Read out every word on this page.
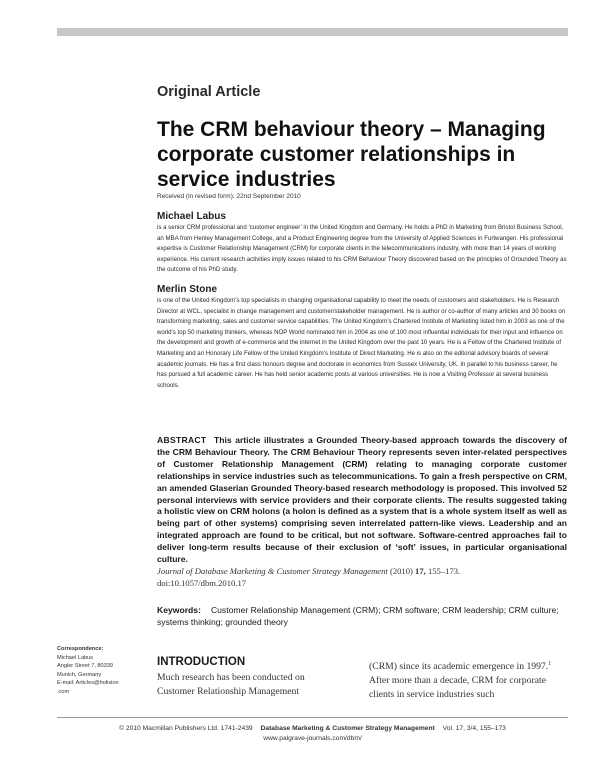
Original Article
The CRM behaviour theory – Managing corporate customer relationships in service industries
Received (in revised form): 22nd September 2010
Michael Labus

is a senior CRM professional and ‘customer engineer’ in the United Kingdom and Germany. He holds a PhD in Marketing from Bristol Business School, an MBA from Henley Management College, and a Product Engineering degree from the University of Applied Sciences in Furtwangen. His professional expertise is Customer Relationship Management (CRM) for corporate clients in the telecommunications industry, with more than 14 years of working experience. His current research activities imply issues related to his CRM Behaviour Theory discovered based on the principles of Grounded Theory as the outcome of his PhD study.

Merlin Stone

is one of the United Kingdom’s top specialists in changing organisational capability to meet the needs of customers and stakeholders. He is Research Director at WCL, specialist in change management and customer/stakeholder management. He is author or co-author of many articles and 30 books on transforming marketing, sales and customer service capabilities. The United Kingdom’s Chartered Institute of Marketing listed him in 2003 as one of the world’s top 50 marketing thinkers, whereas NOP World nominated him in 2004 as one of 100 most influential individuals for their input and influence on the development and growth of e-commerce and the internet in the United Kingdom over the past 10 years. He is a Fellow of the Chartered Institute of Marketing and an Honorary Life Fellow of the United Kingdom’s Institute of Direct Marketing. He is also on the editorial advisory boards of several academic journals. He has a first class honours degree and doctorate in economics from Sussex University, UK. In parallel to his business career, he has pursued a full academic career. He has held senior academic posts at various universities. He is now a Visiting Professor at several business schools.

ABSTRACT This article illustrates a Grounded Theory-based approach towards the discovery of the CRM Behaviour Theory. The CRM Behaviour Theory represents seven inter-related perspectives of Customer Relationship Management (CRM) relating to managing corporate customer relationships in service industries such as telecommunications. To gain a fresh perspective on CRM, an amended Glaserian Grounded Theory-based research methodology is proposed. This involved 52 personal interviews with service providers and their corporate clients. The results suggested taking a holistic view on CRM holons (a holon is defined as a system that is a whole system itself as well as being part of other systems) comprising seven interrelated pattern-like views. Leadership and an integrated approach are found to be critical, but not software. Software-centred approaches fail to deliver long-term results because of their exclusion of ‘soft’ issues, in particular organisational culture.

Journal of Database Marketing & Customer Strategy Management (2010) 17, 155–173.
doi:10.1057/dbm.2010.17
Keywords: Customer Relationship Management (CRM); CRM software; CRM leadership; CRM culture; systems thinking; grounded theory
Correspondence:
Michael Labus
Angler Street 7, 80339
Munich, Germany
E-mail: Articles@holision
.com
INTRODUCTION

Much research has been conducted on Customer Relationship Management

(CRM) since its academic emergence in 1997.$^1$ After more than a decade, CRM for corporate clients in service industries such

© 2010 Macmillan Publishers Ltd. 1741-2439 Database Marketing & Customer Strategy Management Vol. 17, 3/4, 155–173
www.palgrave-journals.com/dbm/
